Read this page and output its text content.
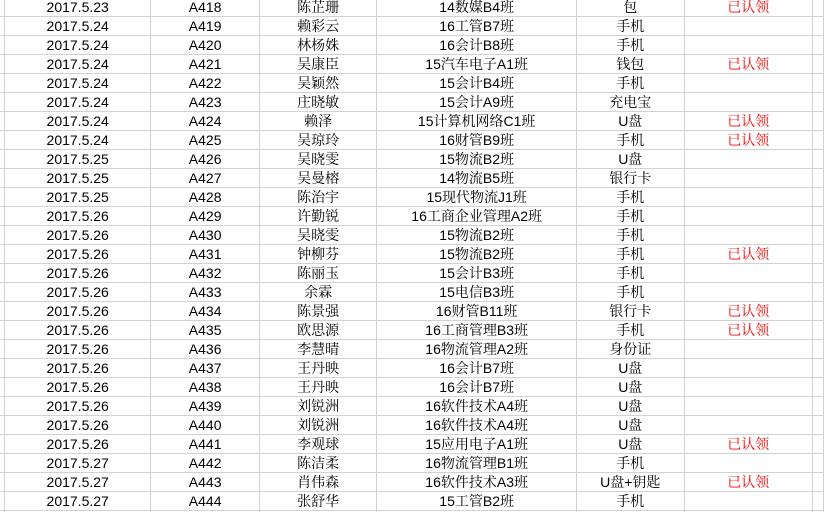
	2017.5.23	A418	陈芷珊	14数媒B4班	包	已认领	
	2017.5.24	A419	赖彩云	16工管B7班	手机		
	2017.5.24	A420	林杨姝	16会计B8班	手机		
	2017.5.24	A421	吴康臣	15汽车电子A1班	钱包	已认领	
	2017.5.24	A422	吴颖然	15会计B4班	手机		
	2017.5.24	A423	庄晓敏	15会计A9班	充电宝		
	2017.5.24	A424	赖泽	15计算机网络C1班	U盘	已认领	
	2017.5.24	A425	吴琼玲	16财管B9班	手机	已认领	
	2017.5.25	A426	吴晓雯	15物流B2班	U盘		
	2017.5.25	A427	吴曼榕	14物流B5班	银行卡		
	2017.5.25	A428	陈治宇	15现代物流J1班	手机		
	2017.5.26	A429	许勤锐	16工商企业管理A2班	手机		
	2017.5.26	A430	吴晓雯	15物流B2班	手机		
	2017.5.26	A431	钟柳芬	15物流B2班	手机	已认领	
	2017.5.26	A432	陈丽玉	15会计B3班	手机		
	2017.5.26	A433	余霖	15电信B3班	手机		
	2017.5.26	A434	陈景强	16财管B11班	银行卡	已认领	
	2017.5.26	A435	欧思源	16工商管理B3班	手机	已认领	
	2017.5.26	A436	李慧晴	16物流管理A2班	身份证		
	2017.5.26	A437	王丹映	16会计B7班	U盘		
	2017.5.26	A438	王丹映	16会计B7班	U盘		
	2017.5.26	A439	刘锐洲	16软件技术A4班	U盘		
	2017.5.26	A440	刘锐洲	16软件技术A4班	U盘		
	2017.5.26	A441	李观球	15应用电子A1班	U盘	已认领	
	2017.5.27	A442	陈洁柔	16物流管理B1班	手机		
	2017.5.27	A443	肖伟森	16软件技术A3班	U盘+钥匙	已认领	
	2017.5.27	A444	张舒华	15工管B2班	手机		
